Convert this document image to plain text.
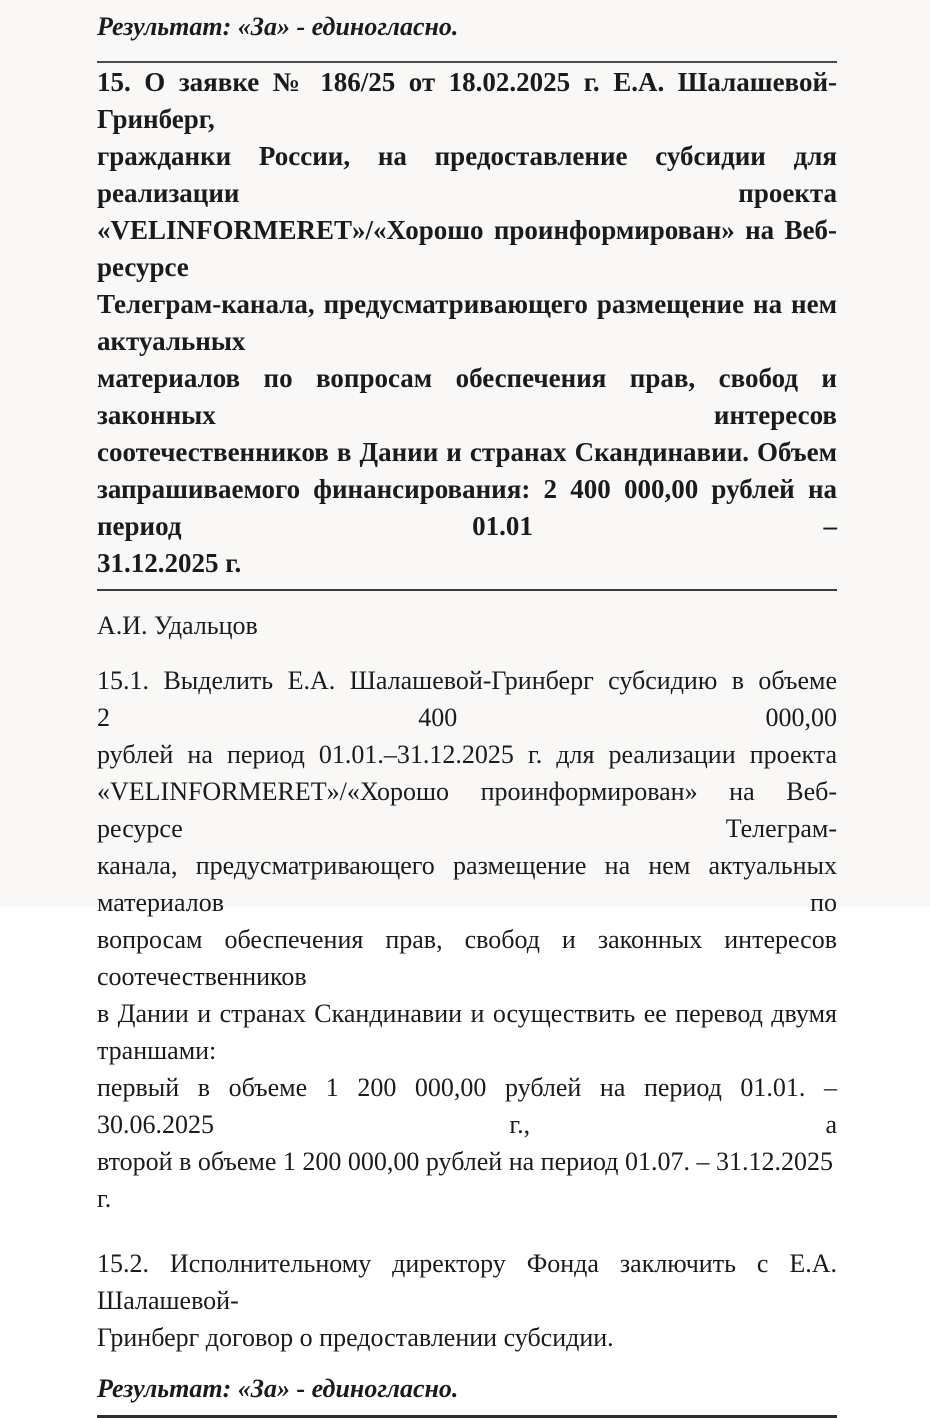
Результат: «За» - единогласно.
15. О заявке № 186/25 от 18.02.2025 г. Е.А. Шалашевой-Гринберг,
гражданки России, на предоставление субсидии для реализации проекта
«VELINFORMERET»/«Хорошо проинформирован» на Веб-ресурсе
Телеграм-канала, предусматривающего размещение на нем актуальных
материалов по вопросам обеспечения прав, свобод и законных интересов
соотечественников в Дании и странах Скандинавии. Объем
запрашиваемого финансирования: 2 400 000,00 рублей на период 01.01 –
31.12.2025 г.
А.И. Удальцов
15.1. Выделить Е.А. Шалашевой-Гринберг субсидию в объеме 2 400 000,00
рублей на период 01.01.–31.12.2025 г. для реализации проекта
«VELINFORMERET»/«Хорошо проинформирован» на Веб-ресурсе Телеграм-
канала, предусматривающего размещение на нем актуальных материалов по
вопросам обеспечения прав, свобод и законных интересов соотечественников
в Дании и странах Скандинавии и осуществить ее перевод двумя траншами:
первый в объеме 1 200 000,00 рублей на период 01.01. – 30.06.2025 г., а
второй в объеме 1 200 000,00 рублей на период 01.07. – 31.12.2025 г.
15.2. Исполнительному директору Фонда заключить с Е.А. Шалашевой-
Гринберг договор о предоставлении субсидии.
Результат: «За» - единогласно.
